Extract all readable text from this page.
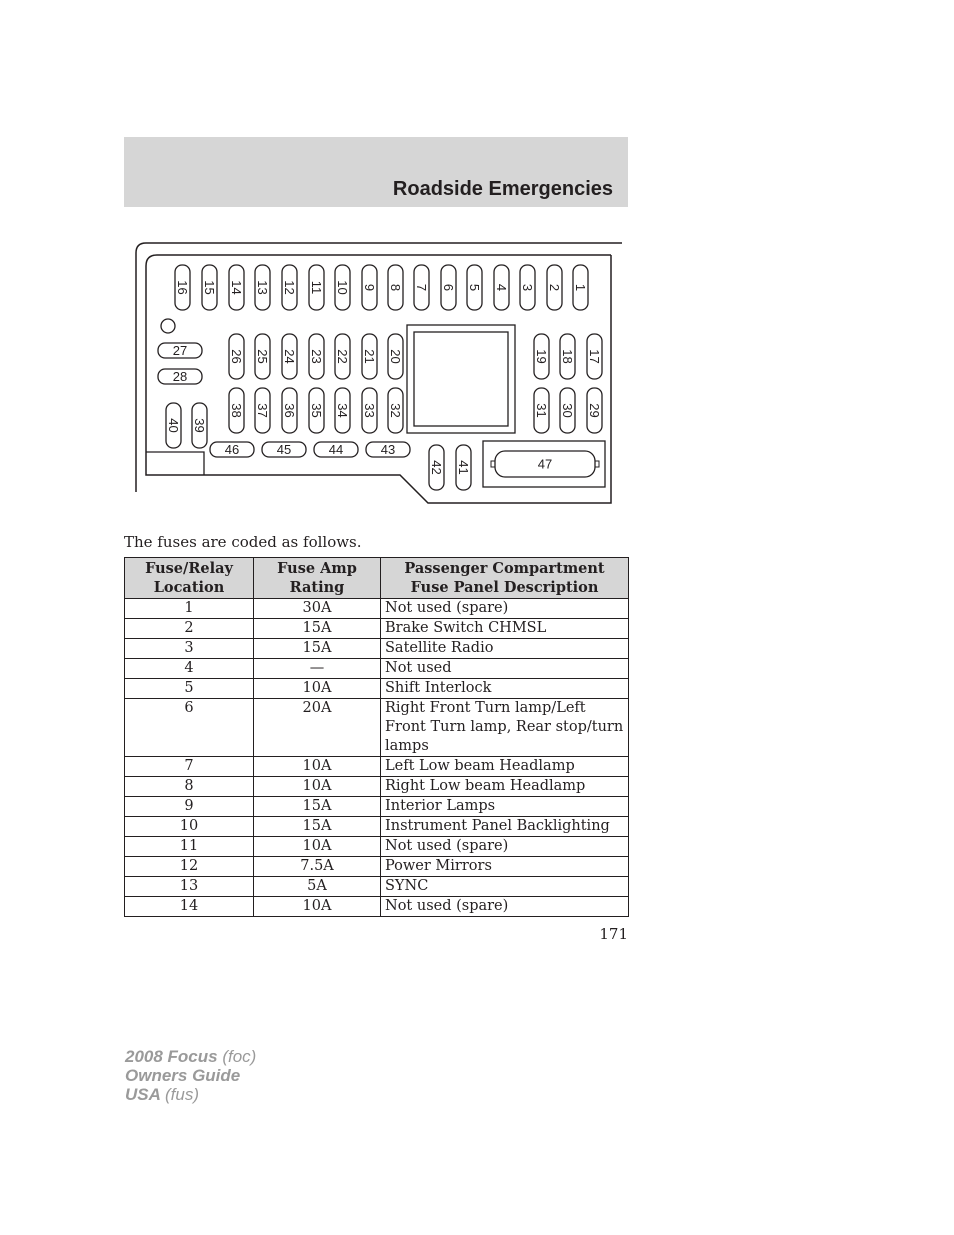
Roadside Emergencies
16 15 14 13 12 11 10 9 8 7 6 5 4 3 2 1
26 25 24 23 22 21 20	19 18 17
38 37 36 35 34 33 32	31 30 29
40 39
42 41
27
28
46	45	44	43
47

The fuses are coded as follows.

Fuse/Relay Location	Fuse Amp Rating	Passenger Compartment Fuse Panel Description
1	30A	Not used (spare)
2	15A	Brake Switch CHMSL
3	15A	Satellite Radio
4	—	Not used
5	10A	Shift Interlock
6	20A	Right Front Turn lamp/Left Front Turn lamp, Rear stop/turn lamps
7	10A	Left Low beam Headlamp
8	10A	Right Low beam Headlamp
9	15A	Interior Lamps
10	15A	Instrument Panel Backlighting
11	10A	Not used (spare)
12	7.5A	Power Mirrors
13	5A	SYNC
14	10A	Not used (spare)
171
2008 Focus (foc)
Owners Guide
USA (fus)
